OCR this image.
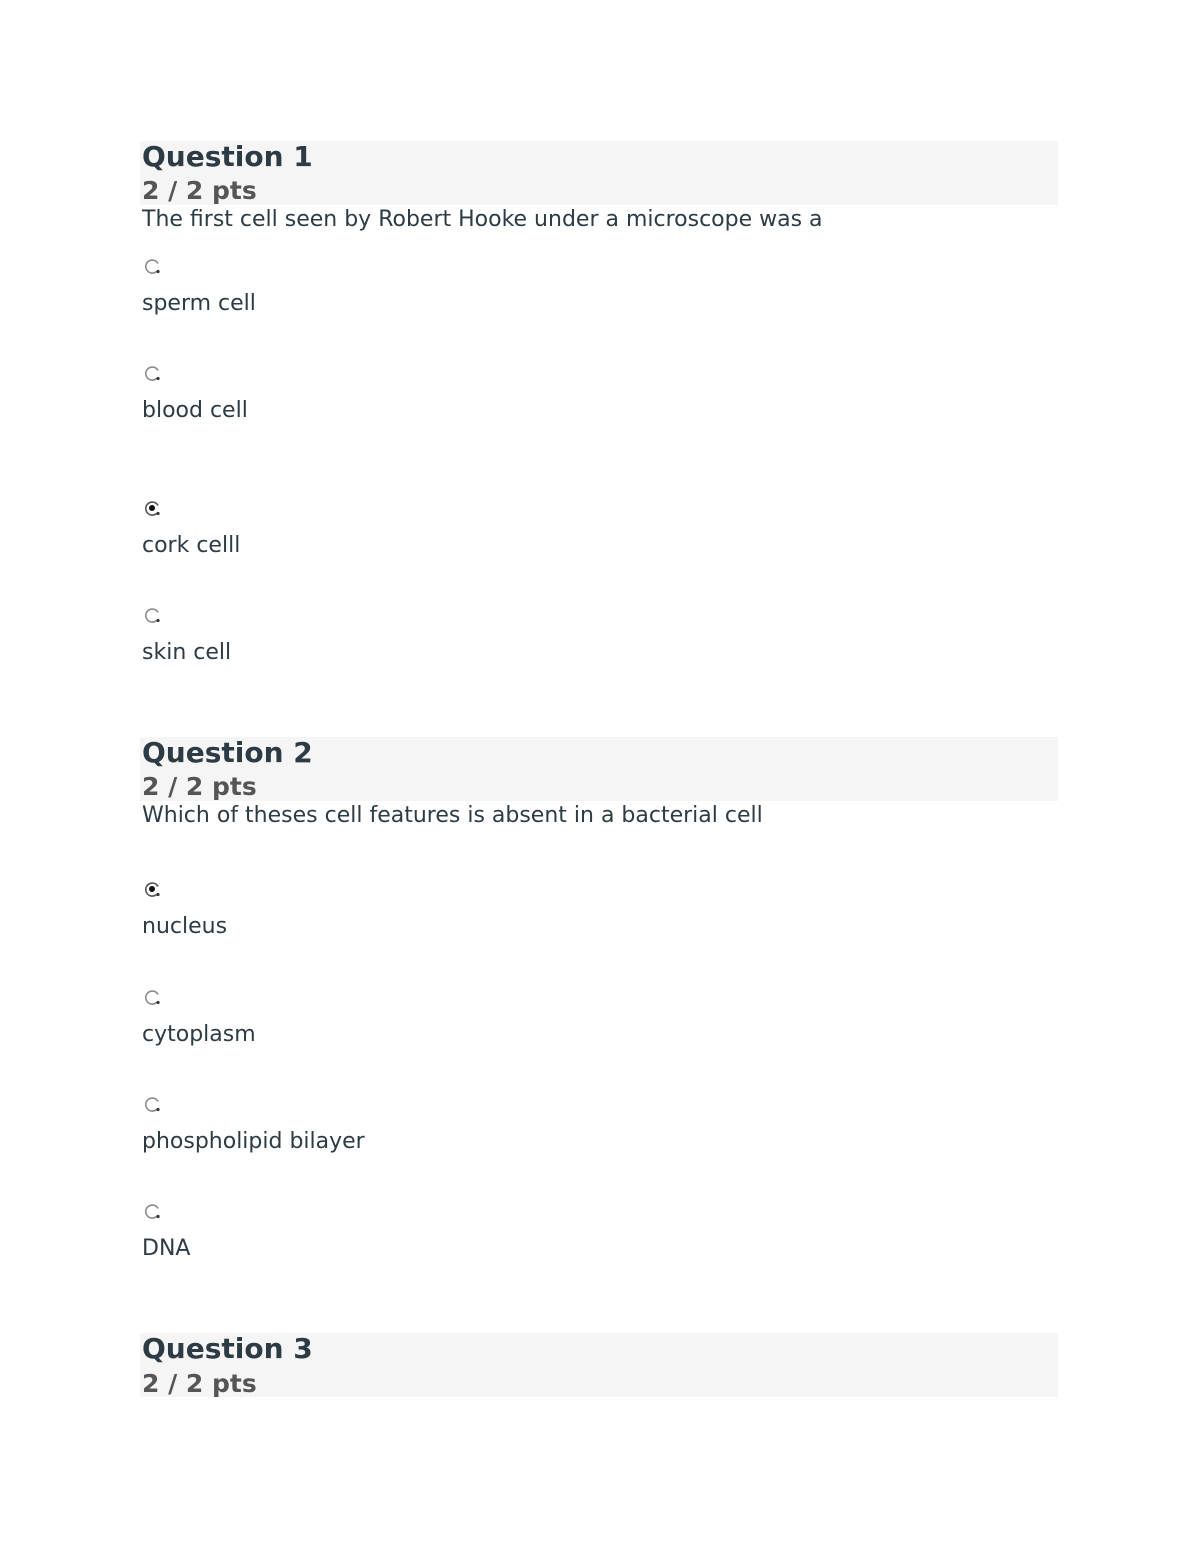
Question 1
2 / 2 pts
The first cell seen by Robert Hooke under a microscope was a
sperm cell
blood cell
cork celll
skin cell
Question 2
2 / 2 pts
Which of theses cell features is absent in a bacterial cell
nucleus
cytoplasm
phospholipid bilayer
DNA
Question 3
2 / 2 pts
